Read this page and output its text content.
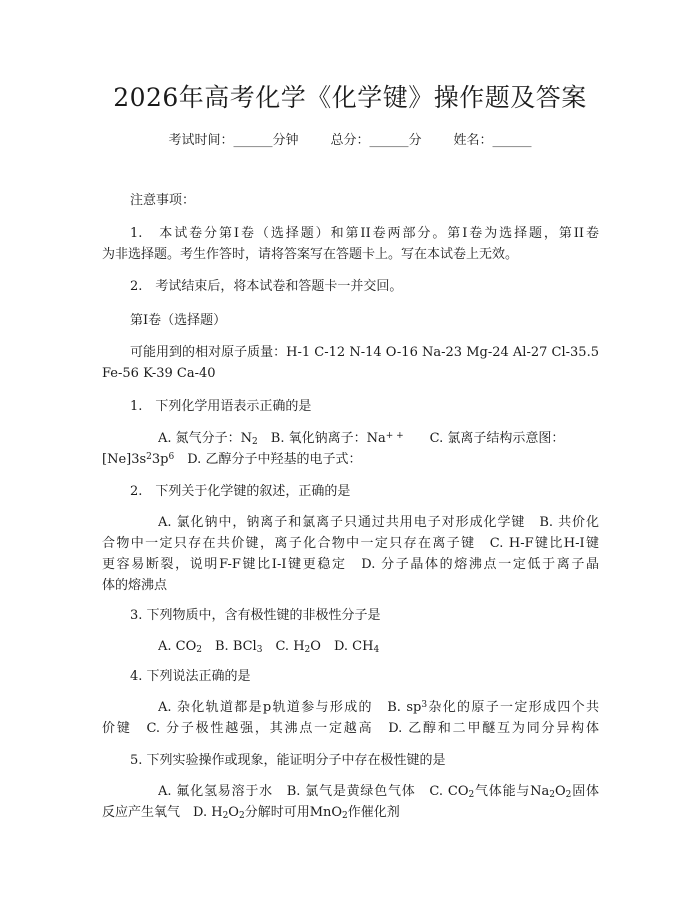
2026年高考化学《化学键》操作题及答案
考试时间：______分钟 总分：______分 姓名：______
注意事项：
1.　本试卷分第I卷（选择题）和第II卷两部分。第I卷为选择题，第II卷
为非选择题。考生作答时，请将答案写在答题卡上。写在本试卷上无效。
2.　考试结束后，将本试卷和答题卡一并交回。
第I卷（选择题）
可能用到的相对原子质量：H-1 C-12 N-14 O-16 Na-23 Mg-24 Al-27 Cl-35.5
Fe-56 K-39 Ca-40
1.　下列化学用语表示正确的是
A. 氮气分子：$N_2$　B. 氧化钠离子：Na+ +　　C. 氯离子结构示意图：
$[Ne]3s^23p^6$　D. 乙醇分子中羟基的电子式：
2.　下列关于化学键的叙述，正确的是
A. 氯化钠中，钠离子和氯离子只通过共用电子对形成化学键　B. 共价化
合物中一定只存在共价键，离子化合物中一定只存在离子键　C. H-F键比H-I键
更容易断裂，说明F-F键比I-I键更稳定　D. 分子晶体的熔沸点一定低于离子晶
体的熔沸点
3. 下列物质中，含有极性键的非极性分子是
A. $CO_2$　B. BCl$_3$　C. $H_2O$　D. $CH_4$
4. 下列说法正确的是
A. 杂化轨道都是p轨道参与形成的　B. $sp^3$杂化的原子一定形成四个共
价键　C. 分子极性越强，其沸点一定越高　D. 乙醇和二甲醚互为同分异构体
5. 下列实验操作或现象，能证明分子中存在极性键的是
A. 氟化氢易溶于水　B. 氯气是黄绿色气体　C. $CO_2$气体能与$Na_2O_2$固体
反应产生氧气　D. $H_2O_2$分解时可用MnO$_2$作催化剂
